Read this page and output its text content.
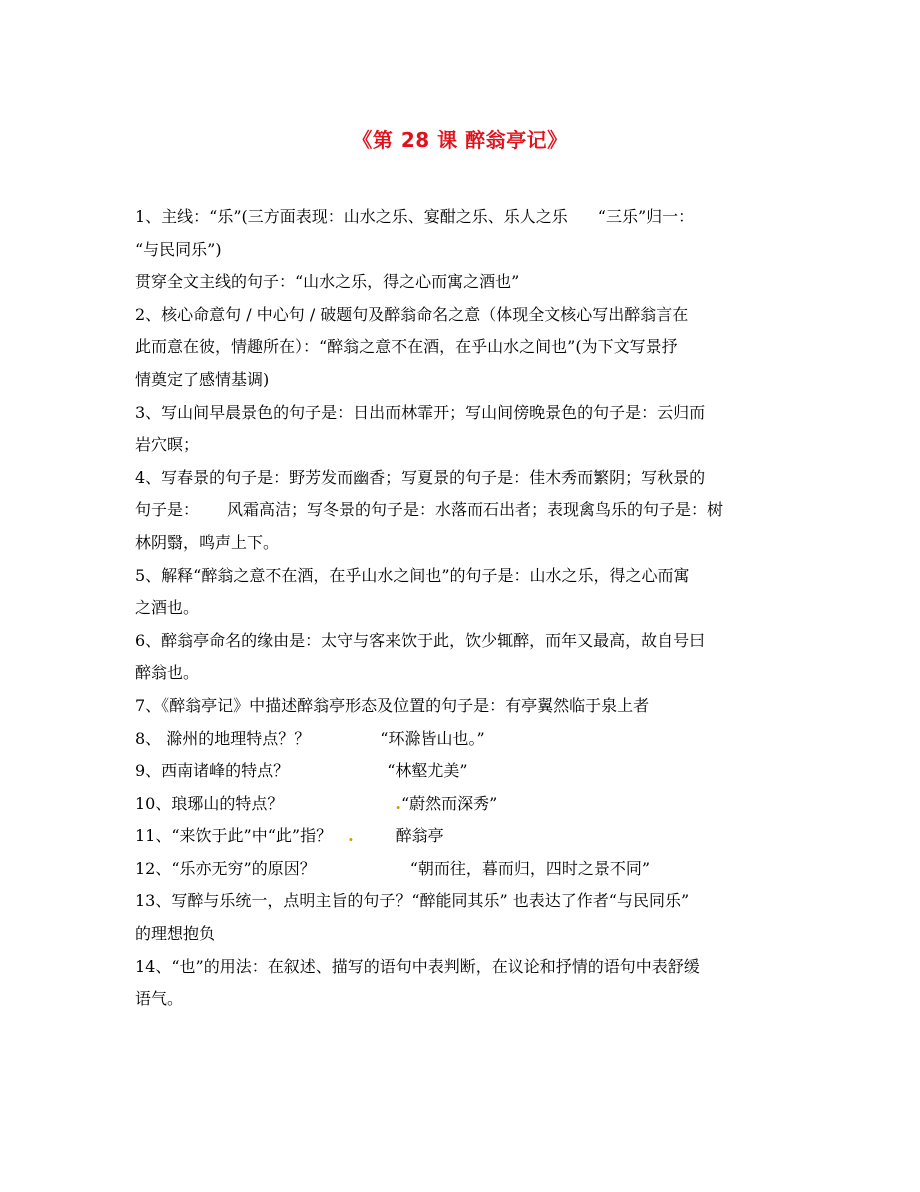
《第 28 课 醉翁亭记》
1、主线：“乐”(三方面表现：山水之乐、宴酣之乐、乐人之乐 “三乐”归一：
“与民同乐”)
贯穿全文主线的句子：“山水之乐，得之心而寓之酒也”
2、核心命意句 / 中心句 / 破题句及醉翁命名之意（体现全文核心写出醉翁言在
此而意在彼，情趣所在）：“醉翁之意不在酒，在乎山水之间也”(为下文写景抒
情奠定了感情基调)
3、写山间早晨景色的句子是：日出而林霏开；写山间傍晚景色的句子是：云归而
岩穴暝；
4、写春景的句子是：野芳发而幽香；写夏景的句子是：佳木秀而繁阴；写秋景的
句子是： 风霜高洁；写冬景的句子是：水落而石出者；表现禽鸟乐的句子是：树
林阴翳，鸣声上下。
5、解释“醉翁之意不在酒，在乎山水之间也”的句子是：山水之乐，得之心而寓
之酒也。
6、醉翁亭命名的缘由是：太守与客来饮于此，饮少辄醉，而年又最高，故自号曰
醉翁也。
7、《醉翁亭记》中描述醉翁亭形态及位置的句子是：有亭翼然临于泉上者
8、 滁州的地理特点？？	“环滁皆山也。”
9、西南诸峰的特点？	“林壑尤美”
10、琅琊山的特点？	.“蔚然而深秀”
11、“来饮于此”中“此”指？ .	醉翁亭
12、“乐亦无穷”的原因？	“朝而往，暮而归，四时之景不同”
13、写醉与乐统一，点明主旨的句子？“醉能同其乐” 也表达了作者“与民同乐”
的理想抱负
14、“也”的用法：在叙述、描写的语句中表判断，在议论和抒情的语句中表舒缓
语气。
